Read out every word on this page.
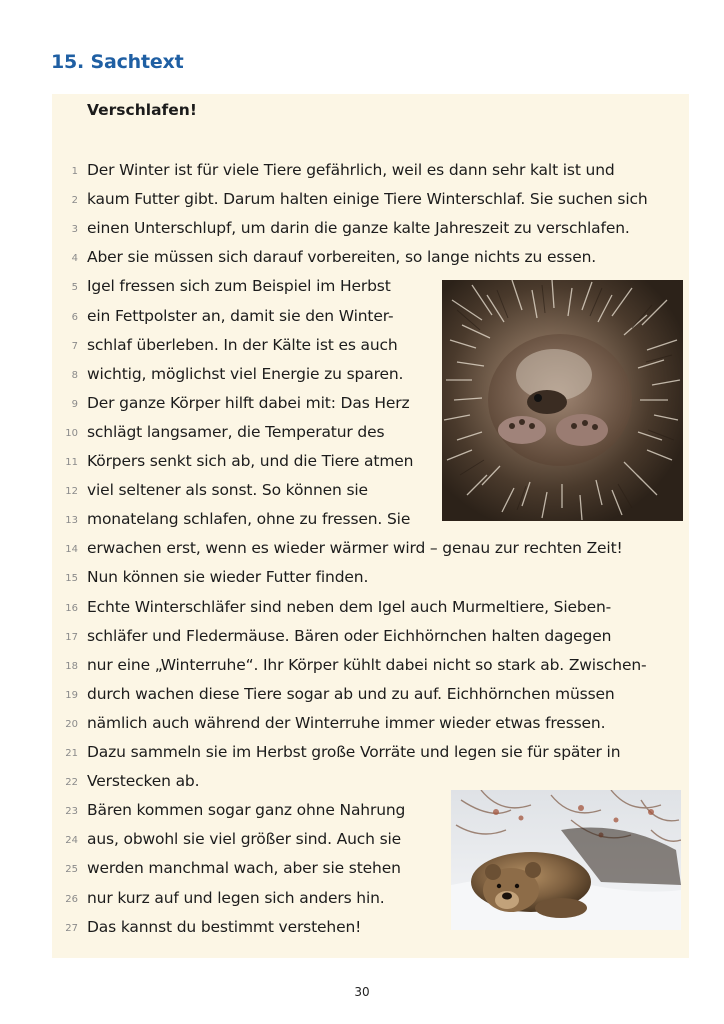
15. Sachtext
Verschlafen!
1 Der Winter ist für viele Tiere gefährlich, weil es dann sehr kalt ist und
2 kaum Futter gibt. Darum halten einige Tiere Winterschlaf. Sie suchen sich
3 einen Unterschlupf, um darin die ganze kalte Jahreszeit zu verschlafen.
4 Aber sie müssen sich darauf vorbereiten, so lange nichts zu essen.
5 Igel fressen sich zum Beispiel im Herbst
6 ein Fettpolster an, damit sie den Winter-
7 schlaf überleben. In der Kälte ist es auch
8 wichtig, möglichst viel Energie zu sparen.
9 Der ganze Körper hilft dabei mit: Das Herz
10 schlägt langsamer, die Temperatur des
11 Körpers senkt sich ab, und die Tiere atmen
12 viel seltener als sonst. So können sie
13 monatelang schlafen, ohne zu fressen. Sie
14 erwachen erst, wenn es wieder wärmer wird – genau zur rechten Zeit!
15 Nun können sie wieder Futter finden.
16 Echte Winterschläfer sind neben dem Igel auch Murmeltiere, Sieben-
17 schläfer und Fledermäuse. Bären oder Eichhörnchen halten dagegen
18 nur eine „Winterruhe“. Ihr Körper kühlt dabei nicht so stark ab. Zwischen-
19 durch wachen diese Tiere sogar ab und zu auf. Eichhörnchen müssen
20 nämlich auch während der Winterruhe immer wieder etwas fressen.
21 Dazu sammeln sie im Herbst große Vorräte und legen sie für später in
22 Verstecken ab.
23 Bären kommen sogar ganz ohne Nahrung
24 aus, obwohl sie viel größer sind. Auch sie
25 werden manchmal wach, aber sie stehen
26 nur kurz auf und legen sich anders hin.
27 Das kannst du bestimmt verstehen!
30
